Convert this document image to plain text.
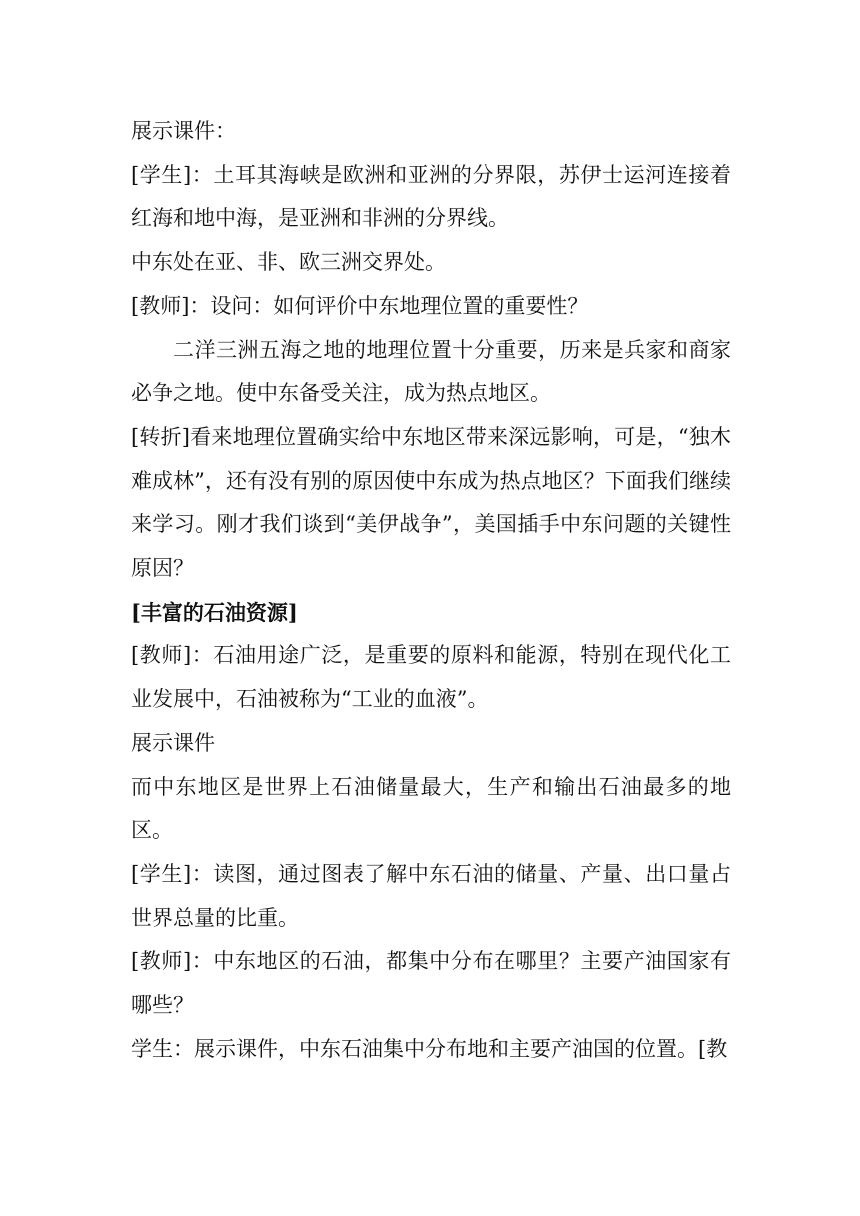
展示课件：

[学生]：土耳其海峡是欧洲和亚洲的分界限，苏伊士运河连接着红海和地中海，是亚洲和非洲的分界线。

中东处在亚、非、欧三洲交界处。

[教师]：设问：如何评价中东地理位置的重要性？

二洋三洲五海之地的地理位置十分重要，历来是兵家和商家必争之地。使中东备受关注，成为热点地区。

[转折]看来地理位置确实给中东地区带来深远影响，可是，“独木难成林”，还有没有别的原因使中东成为热点地区？下面我们继续来学习。刚才我们谈到“美伊战争”，美国插手中东问题的关键性原因？

[丰富的石油资源]

[教师]：石油用途广泛，是重要的原料和能源，特别在现代化工业发展中，石油被称为“工业的血液”。

展示课件

而中东地区是世界上石油储量最大，生产和输出石油最多的地区。

[学生]：读图，通过图表了解中东石油的储量、产量、出口量占世界总量的比重。

[教师]：中东地区的石油，都集中分布在哪里？主要产油国家有哪些？

学生：展示课件，中东石油集中分布地和主要产油国的位置。[教
